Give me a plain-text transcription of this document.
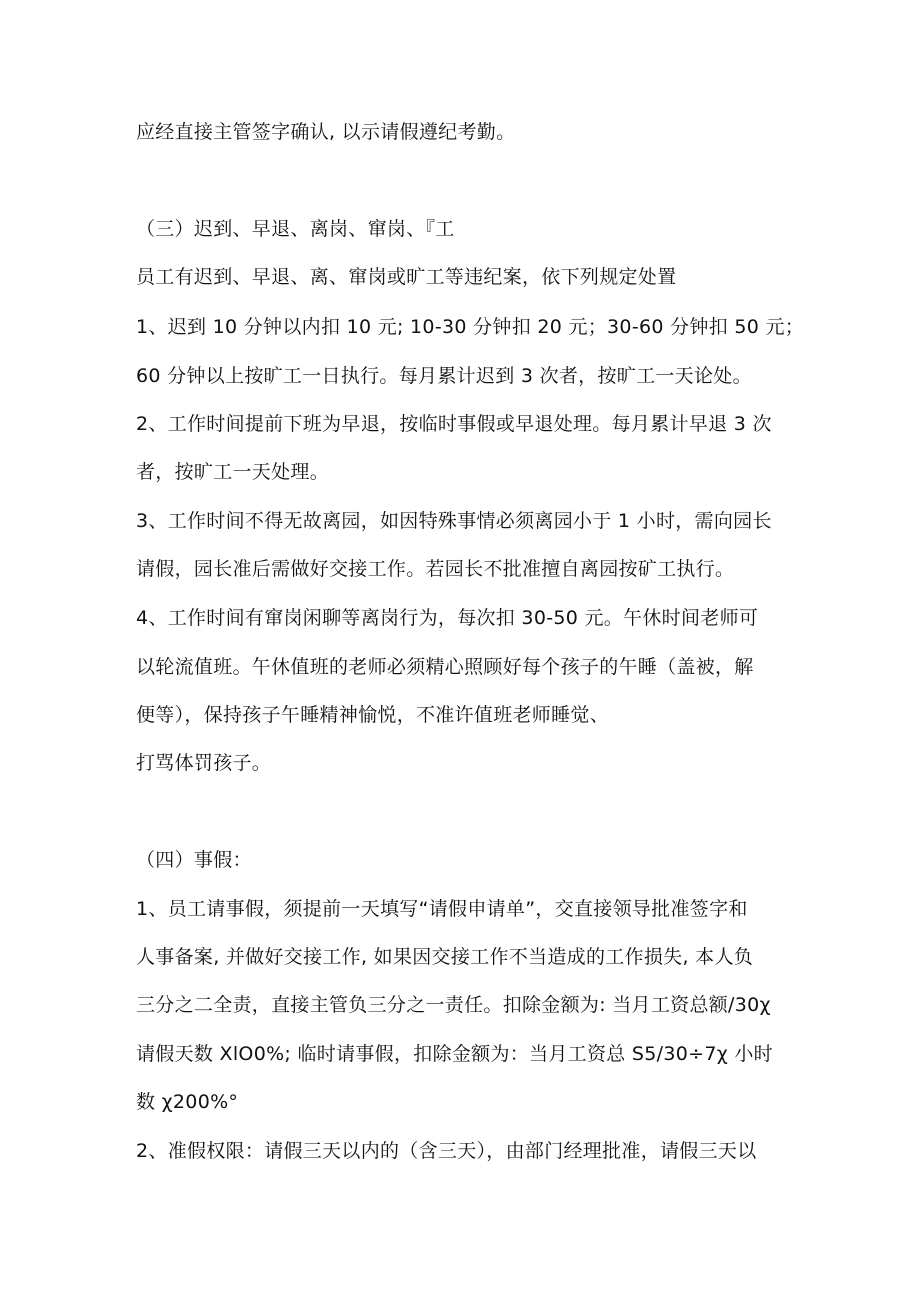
应经直接主管签字确认, 以示请假遵纪考勤。
（三）迟到、早退、离岗、窜岗、『工
员工有迟到、早退、离、窜岗或旷工等违纪案，依下列规定处置
1、迟到 10 分钟以内扣 10 元; 10-30 分钟扣 20 元；30-60 分钟扣 50 元；
60 分钟以上按旷工一日执行。每月累计迟到 3 次者，按旷工一天论处。
2、工作时间提前下班为早退，按临时事假或早退处理。每月累计早退 3 次
者，按旷工一天处理。
3、工作时间不得无故离园，如因特殊事情必须离园小于 1 小时，需向园长
请假，园长准后需做好交接工作。若园长不批准擅自离园按矿工执行。
4、工作时间有窜岗闲聊等离岗行为，每次扣 30-50 元。午休时间老师可
以轮流值班。午休值班的老师必须精心照顾好每个孩子的午睡（盖被，解
便等），保持孩子午睡精神愉悦，不准许值班老师睡觉、
打骂体罚孩子。
（四）事假：
1、员工请事假，须提前一天填写“请假申请单”，交直接领导批准签字和
人事备案, 并做好交接工作, 如果因交接工作不当造成的工作损失, 本人负
三分之二全责，直接主管负三分之一责任。扣除金额为: 当月工资总额∕30χ
请假天数 XlO0%; 临时请事假，扣除金额为：当月工资总 S5∕30÷7χ 小时
数 χ200%°
2、准假权限：请假三天以内的（含三天），由部门经理批准，请假三天以
